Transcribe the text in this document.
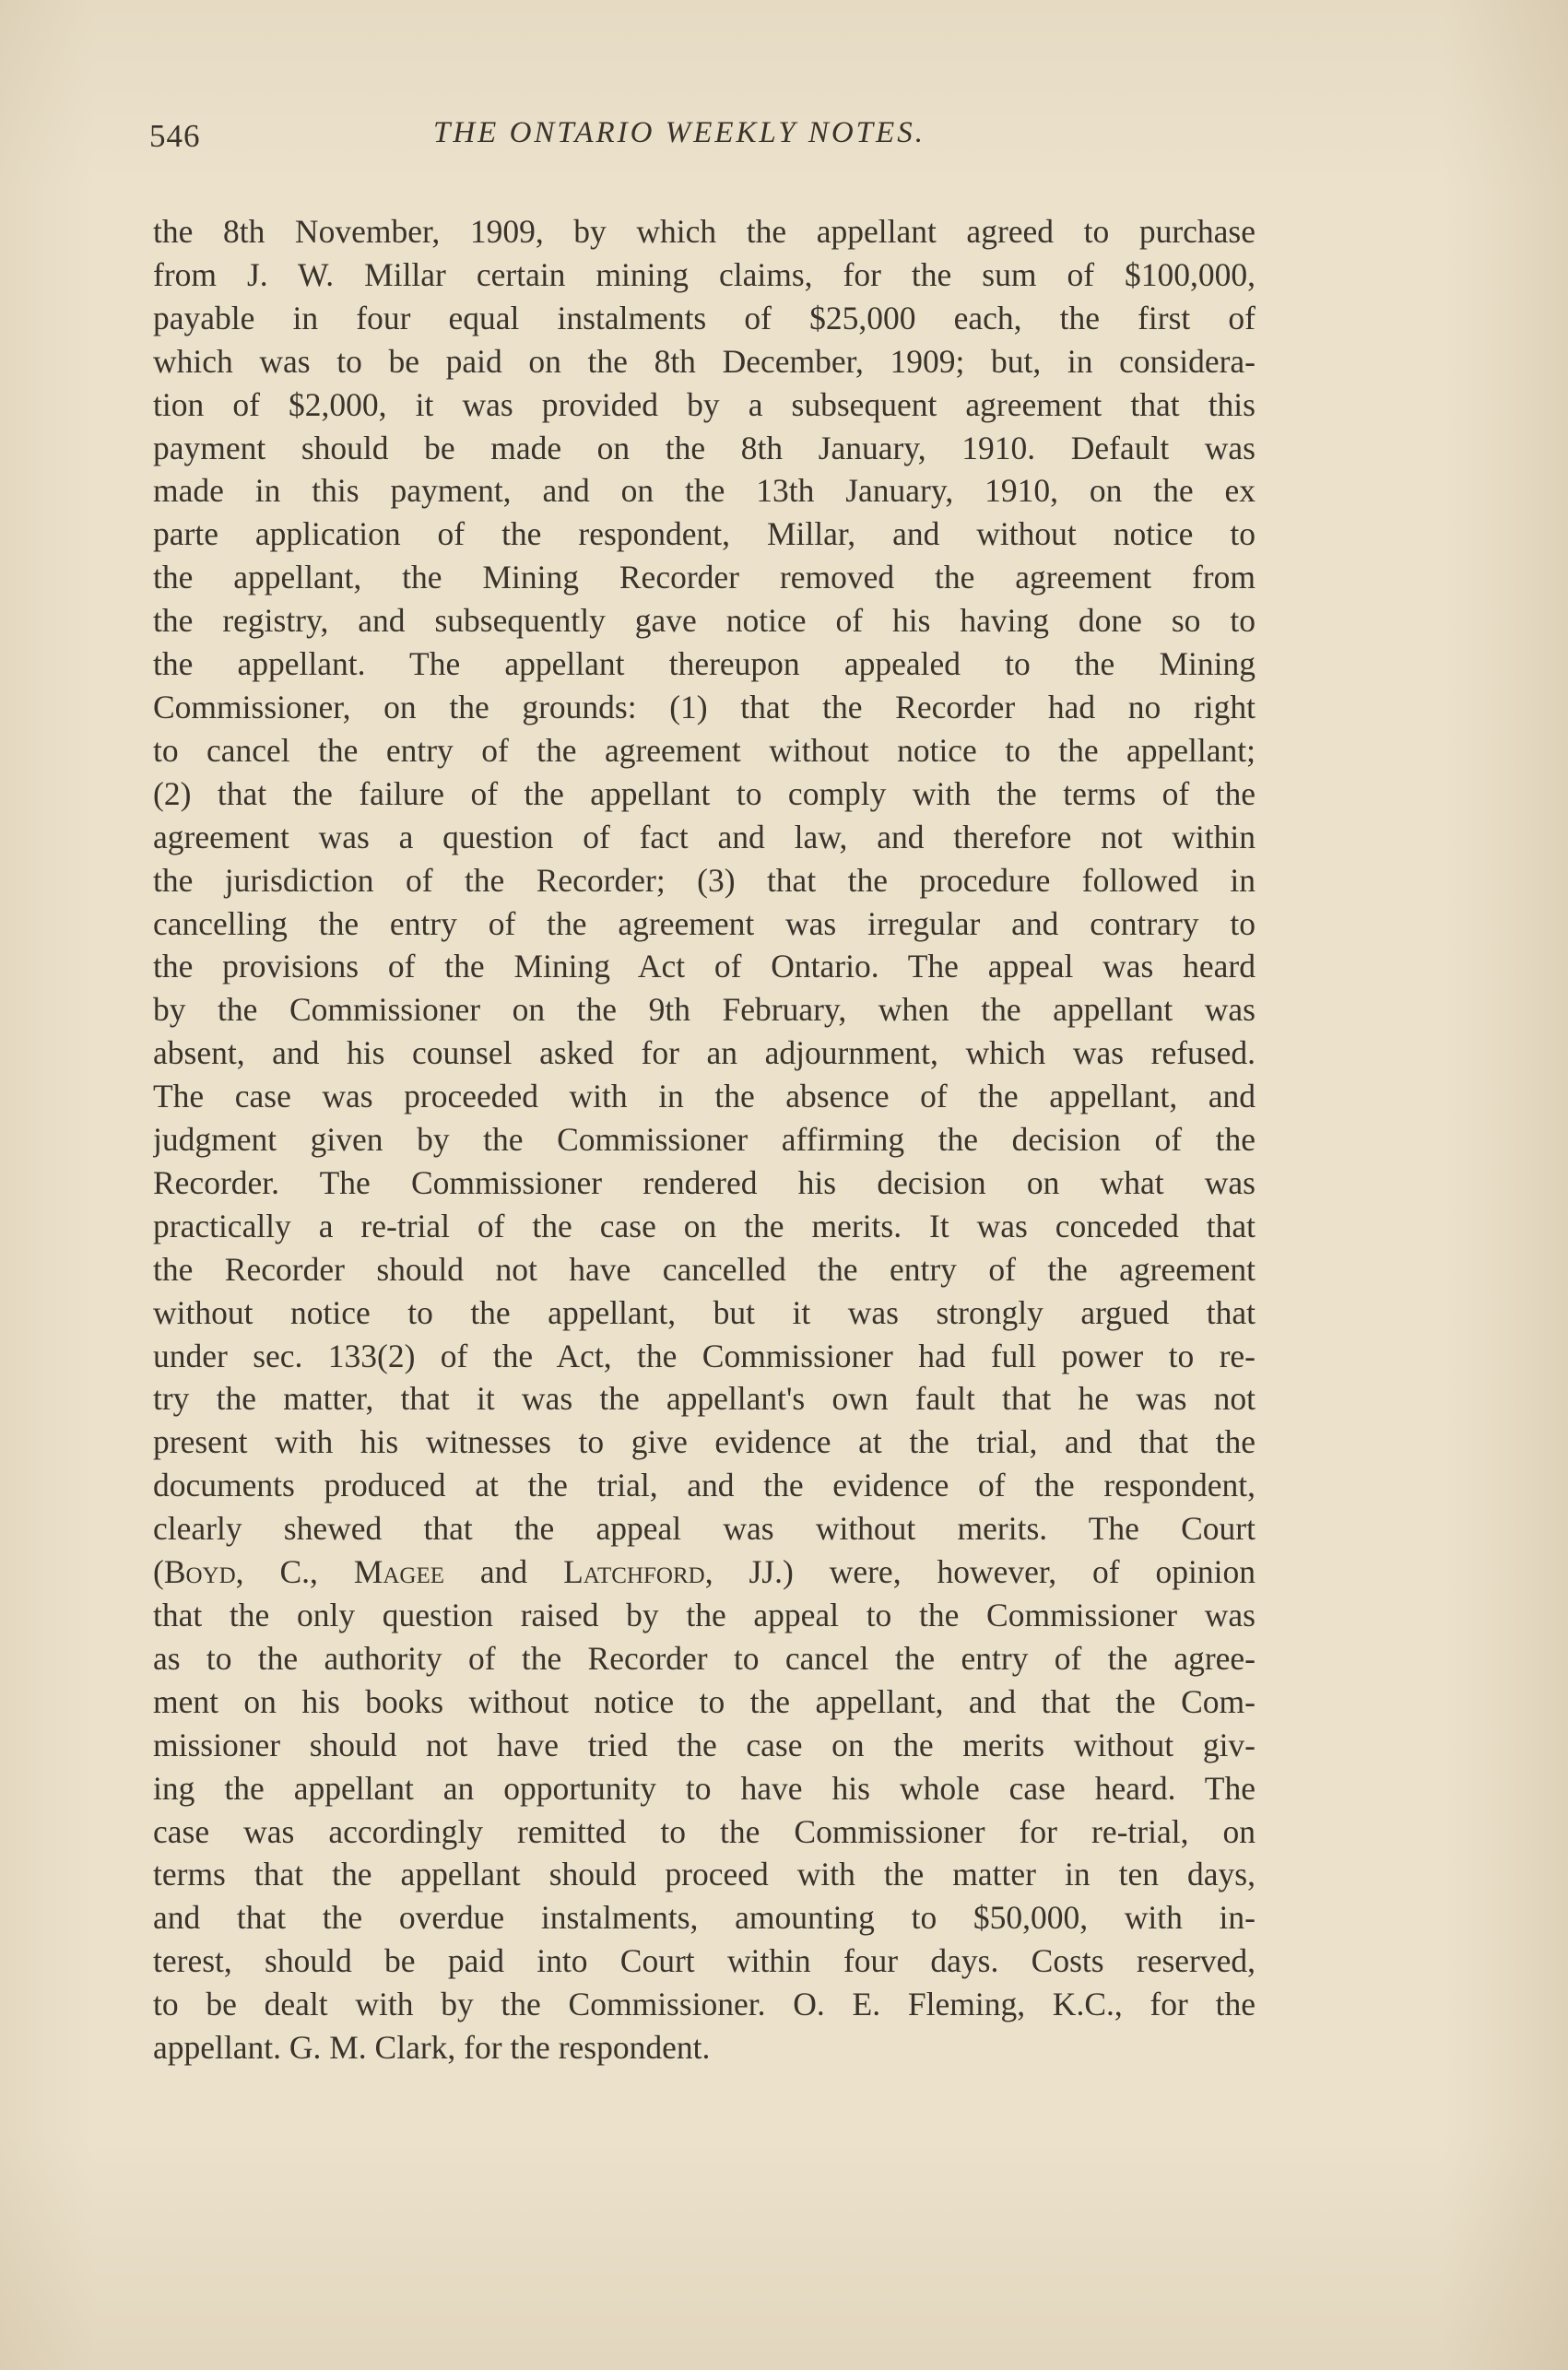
546	THE ONTARIO WEEKLY NOTES.
the 8th November, 1909, by which the appellant agreed to purchase
from J. W. Millar certain mining claims, for the sum of $100,000,
payable in four equal instalments of $25,000 each, the first of
which was to be paid on the 8th December, 1909; but, in considera-
tion of $2,000, it was provided by a subsequent agreement that this
payment should be made on the 8th January, 1910. Default was
made in this payment, and on the 13th January, 1910, on the ex
parte application of the respondent, Millar, and without notice to
the appellant, the Mining Recorder removed the agreement from
the registry, and subsequently gave notice of his having done so to
the appellant. The appellant thereupon appealed to the Mining
Commissioner, on the grounds: (1) that the Recorder had no right
to cancel the entry of the agreement without notice to the appellant;
(2) that the failure of the appellant to comply with the terms of the
agreement was a question of fact and law, and therefore not within
the jurisdiction of the Recorder; (3) that the procedure followed in
cancelling the entry of the agreement was irregular and contrary to
the provisions of the Mining Act of Ontario. The appeal was heard
by the Commissioner on the 9th February, when the appellant was
absent, and his counsel asked for an adjournment, which was refused.
The case was proceeded with in the absence of the appellant, and
judgment given by the Commissioner affirming the decision of the
Recorder. The Commissioner rendered his decision on what was
practically a re-trial of the case on the merits. It was conceded that
the Recorder should not have cancelled the entry of the agreement
without notice to the appellant, but it was strongly argued that
under sec. 133(2) of the Act, the Commissioner had full power to re-
try the matter, that it was the appellant's own fault that he was not
present with his witnesses to give evidence at the trial, and that the
documents produced at the trial, and the evidence of the respondent,
clearly shewed that the appeal was without merits. The Court
(Boyd, C., Magee and Latchford, JJ.) were, however, of opinion
that the only question raised by the appeal to the Commissioner was
as to the authority of the Recorder to cancel the entry of the agree-
ment on his books without notice to the appellant, and that the Com-
missioner should not have tried the case on the merits without giv-
ing the appellant an opportunity to have his whole case heard. The
case was accordingly remitted to the Commissioner for re-trial, on
terms that the appellant should proceed with the matter in ten days,
and that the overdue instalments, amounting to $50,000, with in-
terest, should be paid into Court within four days. Costs reserved,
to be dealt with by the Commissioner. O. E. Fleming, K.C., for the
appellant. G. M. Clark, for the respondent.
